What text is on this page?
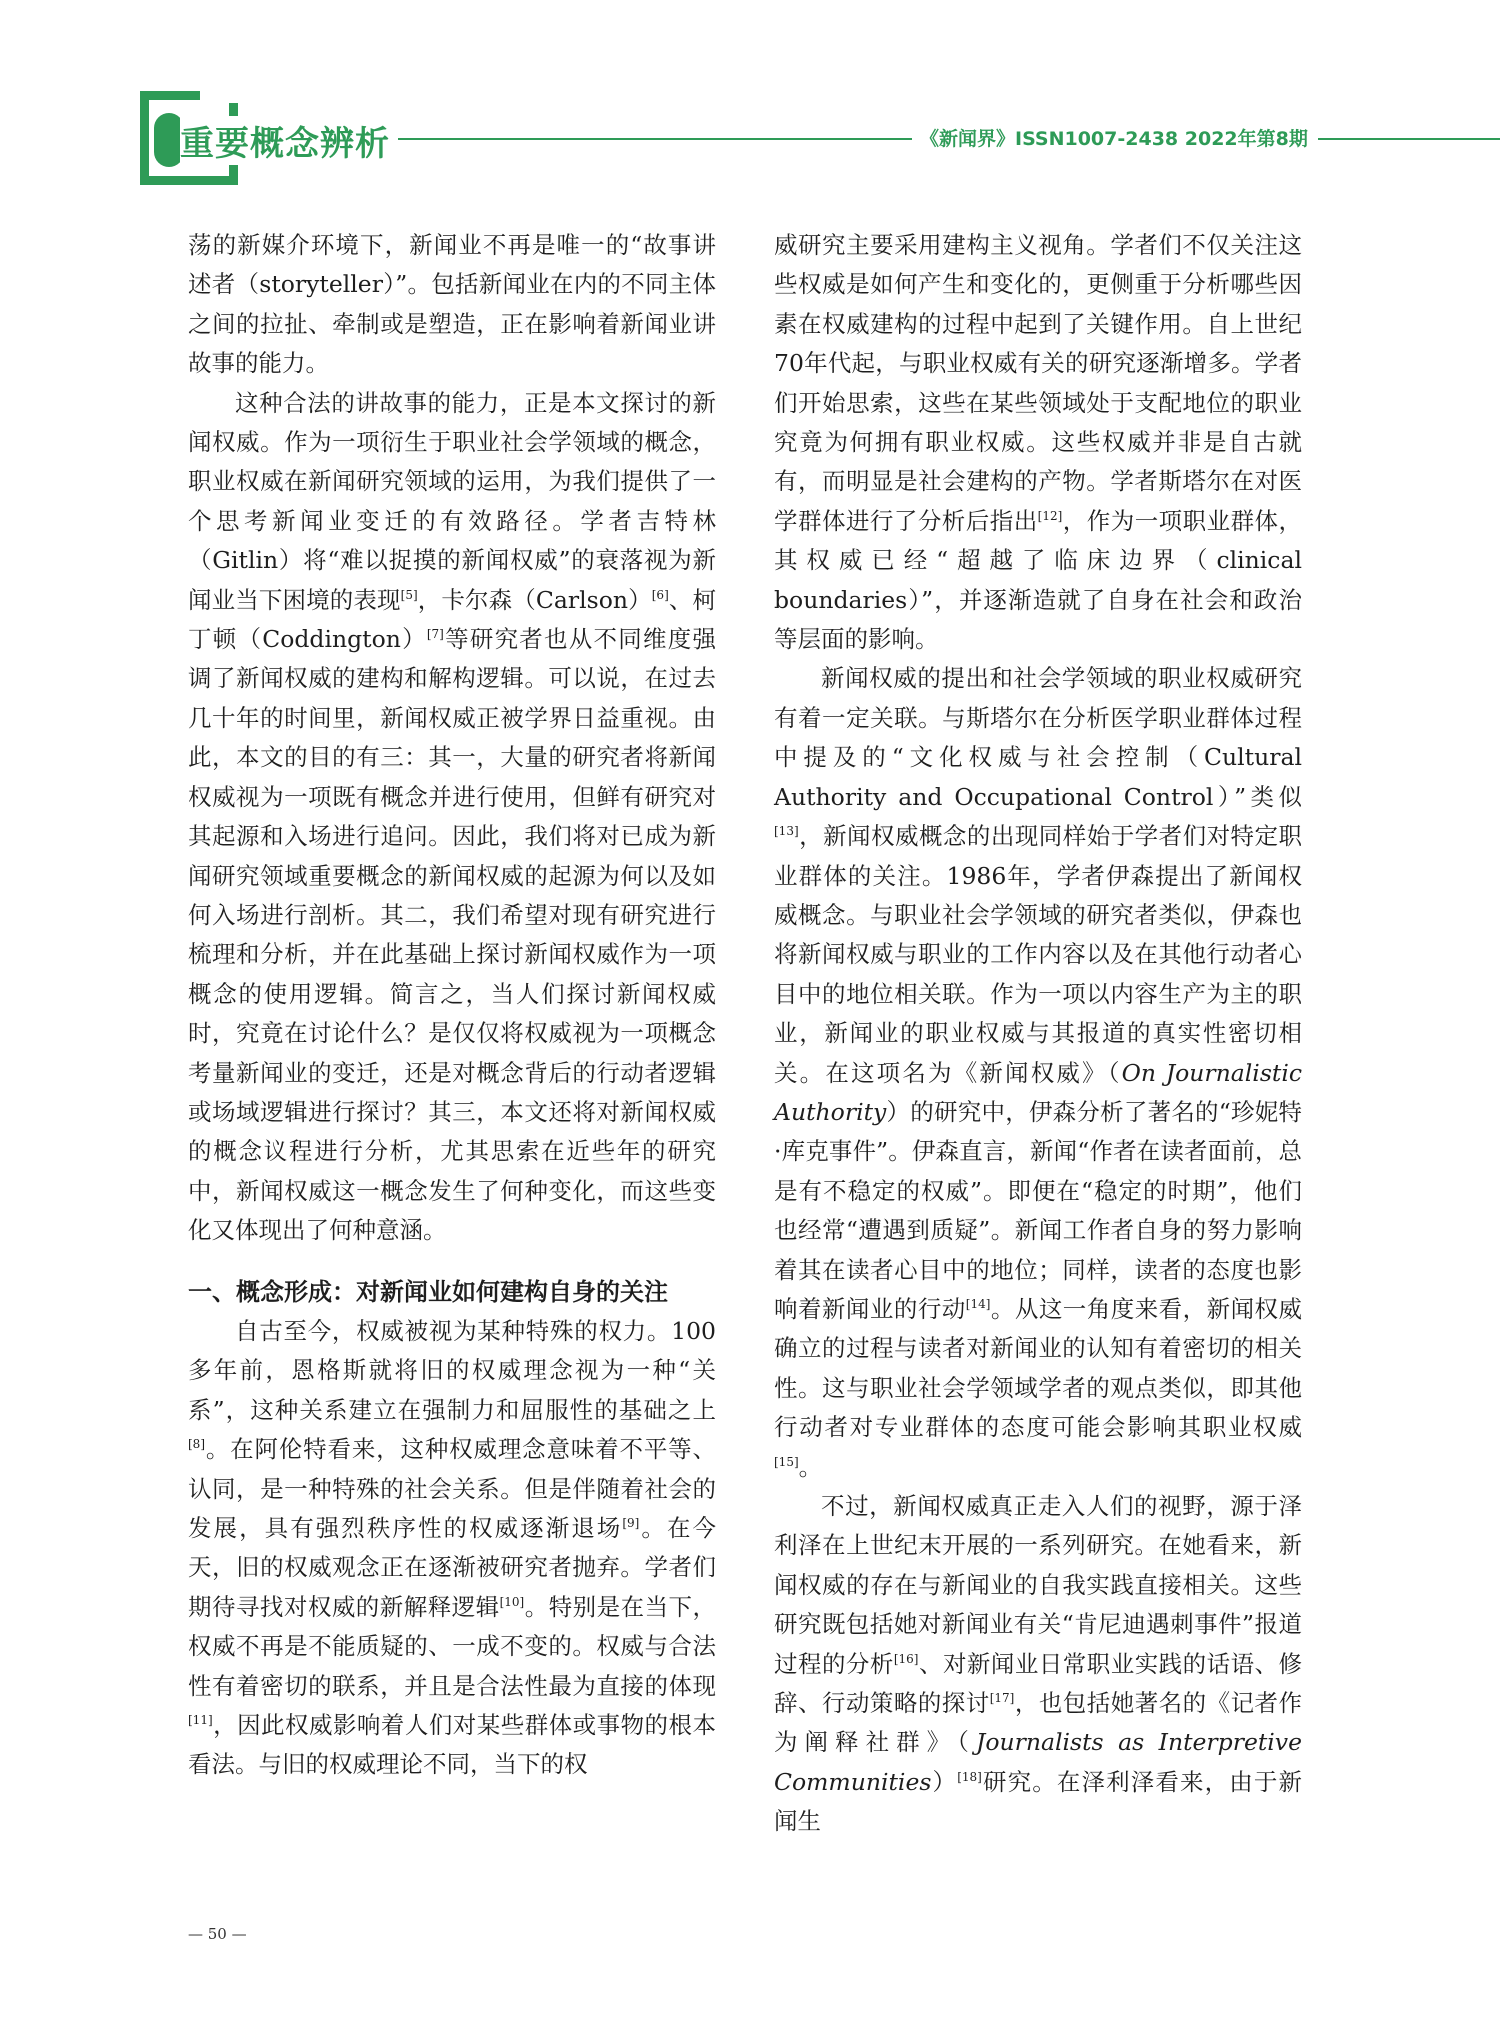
重要概念辨析	《新闻界》ISSN1007-2438 2022年第8期

荡的新媒介环境下，新闻业不再是唯一的“故事讲述者（storyteller）”。包括新闻业在内的不同主体之间的拉扯、牵制或是塑造，正在影响着新闻业讲故事的能力。

这种合法的讲故事的能力，正是本文探讨的新闻权威。作为一项衍生于职业社会学领域的概念，职业权威在新闻研究领域的运用，为我们提供了一个思考新闻业变迁的有效路径。学者吉特林（Gitlin）将“难以捉摸的新闻权威”的衰落视为新闻业当下困境的表现[5]，卡尔森（Carlson）[6]、柯丁顿（Coddington）[7]等研究者也从不同维度强调了新闻权威的建构和解构逻辑。可以说，在过去几十年的时间里，新闻权威正被学界日益重视。由此，本文的目的有三：其一，大量的研究者将新闻权威视为一项既有概念并进行使用，但鲜有研究对其起源和入场进行追问。因此，我们将对已成为新闻研究领域重要概念的新闻权威的起源为何以及如何入场进行剖析。其二，我们希望对现有研究进行梳理和分析，并在此基础上探讨新闻权威作为一项概念的使用逻辑。简言之，当人们探讨新闻权威时，究竟在讨论什么？是仅仅将权威视为一项概念考量新闻业的变迁，还是对概念背后的行动者逻辑或场域逻辑进行探讨？其三，本文还将对新闻权威的概念议程进行分析，尤其思索在近些年的研究中，新闻权威这一概念发生了何种变化，而这些变化又体现出了何种意涵。

一、概念形成：对新闻业如何建构自身的关注

自古至今，权威被视为某种特殊的权力。100多年前，恩格斯就将旧的权威理念视为一种“关系”，这种关系建立在强制力和屈服性的基础之上[8]。在阿伦特看来，这种权威理念意味着不平等、认同，是一种特殊的社会关系。但是伴随着社会的发展，具有强烈秩序性的权威逐渐退场[9]。在今天，旧的权威观念正在逐渐被研究者抛弃。学者们期待寻找对权威的新解释逻辑[10]。特别是在当下，权威不再是不能质疑的、一成不变的。权威与合法性有着密切的联系，并且是合法性最为直接的体现[11]，因此权威影响着人们对某些群体或事物的根本看法。与旧的权威理论不同，当下的权

威研究主要采用建构主义视角。学者们不仅关注这些权威是如何产生和变化的，更侧重于分析哪些因素在权威建构的过程中起到了关键作用。自上世纪70年代起，与职业权威有关的研究逐渐增多。学者们开始思索，这些在某些领域处于支配地位的职业究竟为何拥有职业权威。这些权威并非是自古就有，而明显是社会建构的产物。学者斯塔尔在对医学群体进行了分析后指出[12]，作为一项职业群体，其权威已经“超越了临床边界（clinical boundaries）”，并逐渐造就了自身在社会和政治等层面的影响。

新闻权威的提出和社会学领域的职业权威研究有着一定关联。与斯塔尔在分析医学职业群体过程中提及的“文化权威与社会控制（Cultural Authority and Occupational Control）”类似[13]，新闻权威概念的出现同样始于学者们对特定职业群体的关注。1986年，学者伊森提出了新闻权威概念。与职业社会学领域的研究者类似，伊森也将新闻权威与职业的工作内容以及在其他行动者心目中的地位相关联。作为一项以内容生产为主的职业，新闻业的职业权威与其报道的真实性密切相关。在这项名为《新闻权威》（On Journalistic Authority）的研究中，伊森分析了著名的“珍妮特·库克事件”。伊森直言，新闻“作者在读者面前，总是有不稳定的权威”。即便在“稳定的时期”，他们也经常“遭遇到质疑”。新闻工作者自身的努力影响着其在读者心目中的地位；同样，读者的态度也影响着新闻业的行动[14]。从这一角度来看，新闻权威确立的过程与读者对新闻业的认知有着密切的相关性。这与职业社会学领域学者的观点类似，即其他行动者对专业群体的态度可能会影响其职业权威[15]。

不过，新闻权威真正走入人们的视野，源于泽利泽在上世纪末开展的一系列研究。在她看来，新闻权威的存在与新闻业的自我实践直接相关。这些研究既包括她对新闻业有关“肯尼迪遇刺事件”报道过程的分析[16]、对新闻业日常职业实践的话语、修辞、行动策略的探讨[17]，也包括她著名的《记者作为阐释社群》（Journalists as Interpretive Communities）[18]研究。在泽利泽看来，由于新闻生

— 50 —
